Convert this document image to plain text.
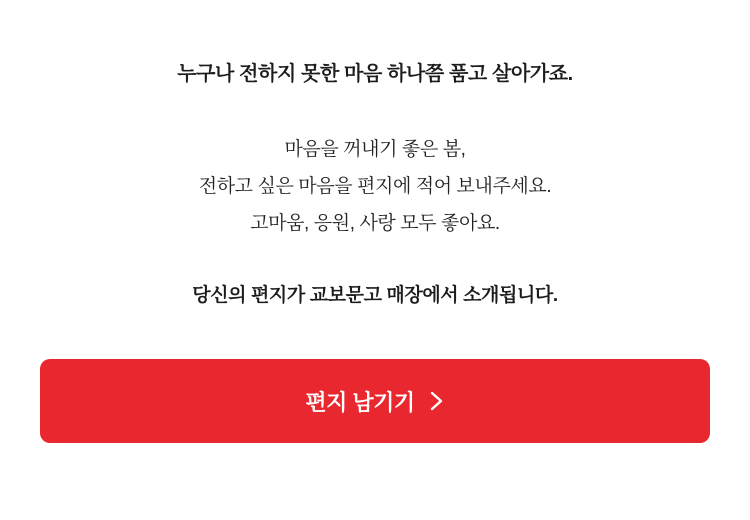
누구나 전하지 못한 마음 하나쯤 품고 살아가죠.
마음을 꺼내기 좋은 봄,
전하고 싶은 마음을 편지에 적어 보내주세요.
고마움, 응원, 사랑 모두 좋아요.
당신의 편지가 교보문고 매장에서 소개됩니다.
편지 남기기
